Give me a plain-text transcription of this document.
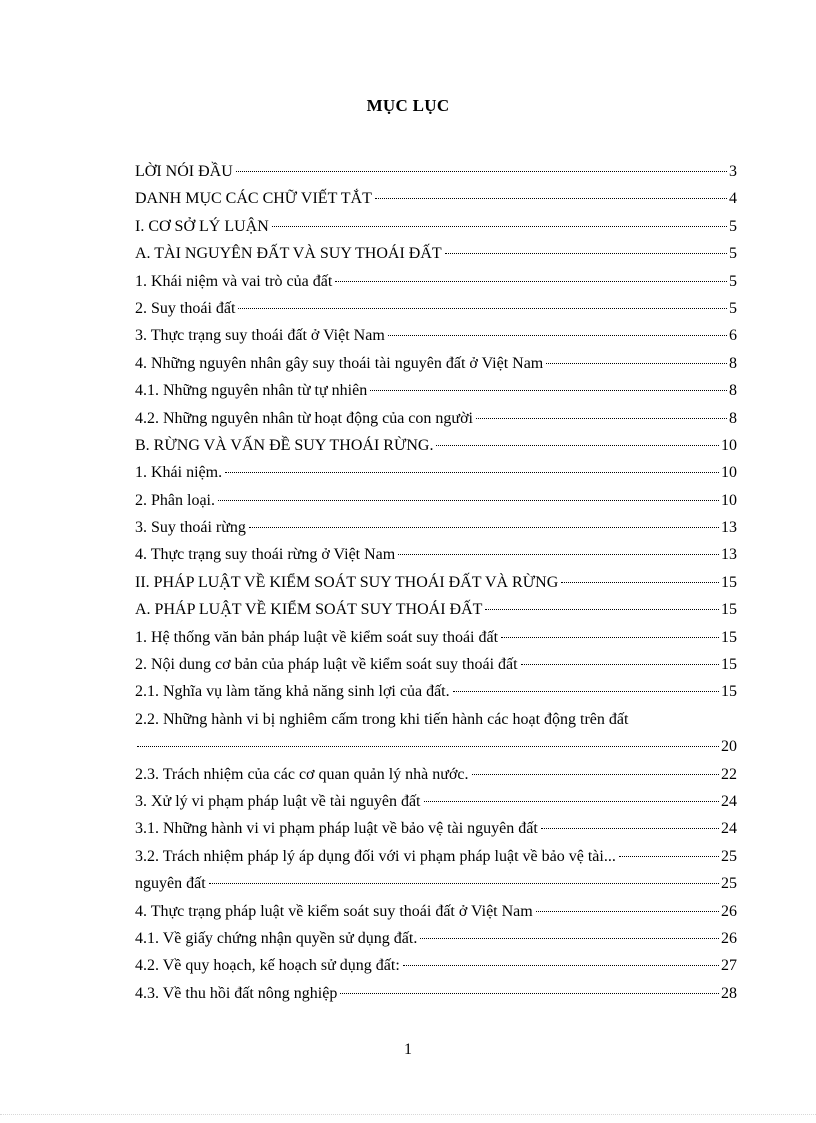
MỤC LỤC
LỜI NÓI ĐẦU	3
DANH MỤC CÁC CHỮ VIẾT TẮT	4
I. CƠ SỞ LÝ LUẬN	5
A. TÀI NGUYÊN ĐẤT VÀ SUY THOÁI ĐẤT	5
1. Khái niệm và vai trò của đất	5
2. Suy thoái đất	5
3. Thực trạng suy thoái đất ở Việt Nam	6
4. Những nguyên nhân gây suy thoái tài nguyên đất ở Việt Nam	8
4.1. Những nguyên nhân từ tự nhiên	8
4.2. Những nguyên nhân từ hoạt động của con người	8
B. RỪNG VÀ VẤN ĐỀ SUY THOÁI RỪNG.	10
1. Khái niệm.	10
2. Phân loại.	10
3. Suy thoái rừng	13
4. Thực trạng suy thoái rừng ở Việt Nam	13
II. PHÁP LUẬT VỀ KIỂM SOÁT SUY THOÁI ĐẤT VÀ RỪNG	15
A. PHÁP LUẬT VỀ KIỂM SOÁT SUY THOÁI ĐẤT	15
1. Hệ thống văn bản pháp luật về kiểm soát suy thoái đất	15
2. Nội dung cơ bản của pháp luật về kiểm soát suy thoái đất	15
2.1. Nghĩa vụ làm tăng khả năng sinh lợi của đất.	15
2.2. Những hành vi bị nghiêm cấm trong khi tiến hành các hoạt động trên đất
20
2.3. Trách nhiệm của các cơ quan quản lý nhà nước.	22
3. Xử lý vi phạm pháp luật về tài nguyên đất	24
3.1. Những hành vi vi phạm pháp luật về bảo vệ tài nguyên đất	24
3.2. Trách nhiệm pháp lý áp dụng đối với vi phạm pháp luật về bảo vệ tài...	25
nguyên đất	25
4. Thực trạng pháp luật về kiểm soát suy thoái đất ở Việt Nam	26
4.1. Về giấy chứng nhận quyền sử dụng đất.	26
4.2. Về quy hoạch, kế hoạch sử dụng đất:	27
4.3. Về thu hồi đất nông nghiệp	28
1
